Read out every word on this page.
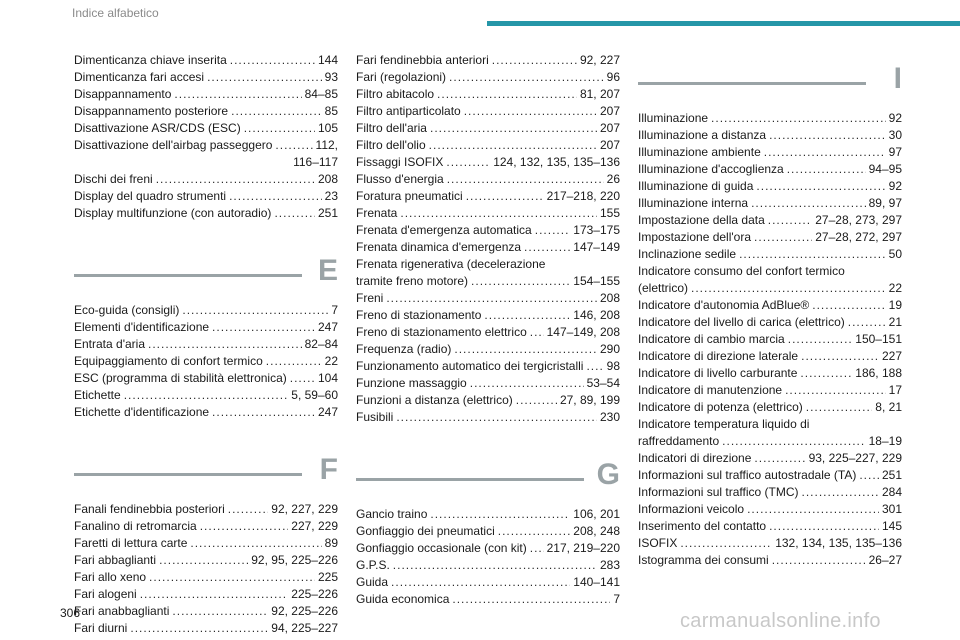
Indice alfabetico
Dimenticanza chiave inserita .....	144
Dimenticanza fari accesi .....	93
Disappannamento .....	84–85
Disappannamento posteriore .....	85
Disattivazione ASR/CDS (ESC) .....	105
Disattivazione dell'airbag passeggero .....	112,
116–117
Dischi dei freni .....	208
Display del quadro strumenti .....	23
Display multifunzione (con autoradio) .....	251
E
Eco-guida (consigli) .....	7
Elementi d'identificazione .....	247
Entrata d'aria .....	82–84
Equipaggiamento di confort termico .....	22
ESC (programma di stabilità elettronica) .....	104
Etichette .....	5, 59–60
Etichette d'identificazione .....	247
F
Fanali fendinebbia posteriori .....	92, 227, 229
Fanalino di retromarcia .....	227, 229
Faretti di lettura carte .....	89
Fari abbaglianti .....	92, 95, 225–226
Fari allo xeno .....	225
Fari alogeni .....	225–226
Fari anabbaglianti .....	92, 225–226
Fari diurni .....	94, 225–227
Fari fendinebbia anteriori .....	92, 227
Fari (regolazioni) .....	96
Filtro abitacolo .....	81, 207
Filtro antiparticolato .....	207
Filtro dell'aria .....	207
Filtro dell'olio .....	207
Fissaggi ISOFIX .....	124, 132, 135, 135–136
Flusso d'energia .....	26
Foratura pneumatici .....	217–218, 220
Frenata .....	155
Frenata d'emergenza automatica .....	173–175
Frenata dinamica d'emergenza .....	147–149
Frenata rigenerativa (decelerazione
tramite freno motore) .....	154–155
Freni .....	208
Freno di stazionamento .....	146, 208
Freno di stazionamento elettrico ..... 147–149, 208
Frequenza (radio) .....	290
Funzionamento automatico dei tergicristalli ..... 98
Funzione massaggio .....	53–54
Funzioni a distanza (elettrico) .....	27, 89, 199
Fusibili .....	230
G
Gancio traino .....	106, 201
Gonfiaggio dei pneumatici .....	208, 248
Gonfiaggio occasionale (con kit) ..... 217, 219–220
G.P.S. .....	283
Guida .....	140–141
Guida economica .....	7
I
Illuminazione .....	92
Illuminazione a distanza .....	30
Illuminazione ambiente .....	97
Illuminazione d'accoglienza .....	94–95
Illuminazione di guida .....	92
Illuminazione interna .....	89, 97
Impostazione della data .....	27–28, 273, 297
Impostazione dell'ora .....	27–28, 272, 297
Inclinazione sedile .....	50
Indicatore consumo del confort termico
(elettrico) .....	22
Indicatore d'autonomia AdBlue® .....	19
Indicatore del livello di carica (elettrico) .....	21
Indicatore di cambio marcia .....	150–151
Indicatore di direzione laterale .....	227
Indicatore di livello carburante .....	186, 188
Indicatore di manutenzione .....	17
Indicatore di potenza (elettrico) .....	8, 21
Indicatore temperatura liquido di
raffreddamento .....	18–19
Indicatori di direzione .....	93, 225–227, 229
Informazioni sul traffico autostradale (TA) ..... 251
Informazioni sul traffico (TMC) .....	284
Informazioni veicolo .....	301
Inserimento del contatto .....	145
ISOFIX .....	132, 134, 135, 135–136
Istogramma dei consumi .....	26–27
306	carmanualsonline.info
